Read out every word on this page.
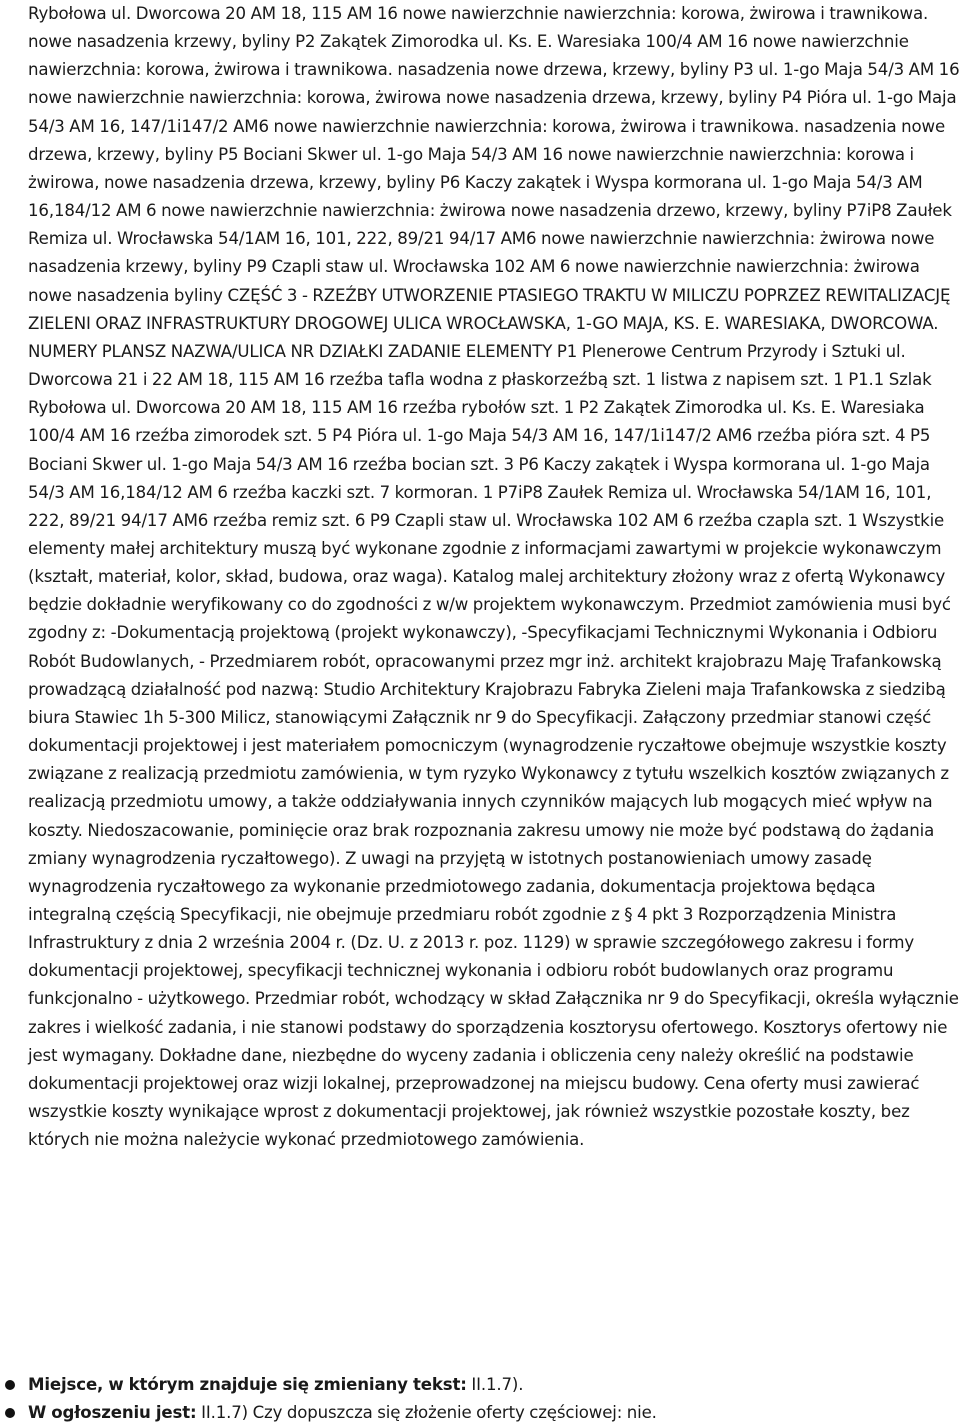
Rybołowa ul. Dworcowa 20 AM 18, 115 AM 16 nowe nawierzchnie nawierzchnia: korowa, żwirowa i trawnikowa. nowe nasadzenia krzewy, byliny P2 Zakątek Zimorodka ul. Ks. E. Waresiaka 100/4 AM 16 nowe nawierzchnie nawierzchnia: korowa, żwirowa i trawnikowa. nasadzenia nowe drzewa, krzewy, byliny P3 ul. 1-go Maja 54/3 AM 16 nowe nawierzchnie nawierzchnia: korowa, żwirowa nowe nasadzenia drzewa, krzewy, byliny P4 Pióra ul. 1-go Maja 54/3 AM 16, 147/1i147/2 AM6 nowe nawierzchnie nawierzchnia: korowa, żwirowa i trawnikowa. nasadzenia nowe drzewa, krzewy, byliny P5 Bociani Skwer ul. 1-go Maja 54/3 AM 16 nowe nawierzchnie nawierzchnia: korowa i żwirowa, nowe nasadzenia drzewa, krzewy, byliny P6 Kaczy zakątek i Wyspa kormorana ul. 1-go Maja 54/3 AM 16,184/12 AM 6 nowe nawierzchnie nawierzchnia: żwirowa nowe nasadzenia drzewo, krzewy, byliny P7iP8 Zaułek Remiza ul. Wrocławska 54/1AM 16, 101, 222, 89/21 94/17 AM6 nowe nawierzchnie nawierzchnia: żwirowa nowe nasadzenia krzewy, byliny P9 Czapli staw ul. Wrocławska 102 AM 6 nowe nawierzchnie nawierzchnia: żwirowa nowe nasadzenia byliny CZĘŚĆ 3 - RZEŹBY UTWORZENIE PTASIEGO TRAKTU W MILICZU POPRZEZ REWITALIZACJĘ ZIELENI ORAZ INFRASTRUKTURY DROGOWEJ ULICA WROCŁAWSKA, 1-GO MAJA, KS. E. WARESIAKA, DWORCOWA. NUMERY PLANSZ NAZWA/ULICA NR DZIAŁKI ZADANIE ELEMENTY P1 Plenerowe Centrum Przyrody i Sztuki ul. Dworcowa 21 i 22 AM 18, 115 AM 16 rzeźba tafla wodna z płaskorzeźbą szt. 1 listwa z napisem szt. 1 P1.1 Szlak Rybołowa ul. Dworcowa 20 AM 18, 115 AM 16 rzeźba rybołów szt. 1 P2 Zakątek Zimorodka ul. Ks. E. Waresiaka 100/4 AM 16 rzeźba zimorodek szt. 5 P4 Pióra ul. 1-go Maja 54/3 AM 16, 147/1i147/2 AM6 rzeźba pióra szt. 4 P5 Bociani Skwer ul. 1-go Maja 54/3 AM 16 rzeźba bocian szt. 3 P6 Kaczy zakątek i Wyspa kormorana ul. 1-go Maja 54/3 AM 16,184/12 AM 6 rzeźba kaczki szt. 7 kormoran. 1 P7iP8 Zaułek Remiza ul. Wrocławska 54/1AM 16, 101, 222, 89/21 94/17 AM6 rzeźba remiz szt. 6 P9 Czapli staw ul. Wrocławska 102 AM 6 rzeźba czapla szt. 1 Wszystkie elementy małej architektury muszą być wykonane zgodnie z informacjami zawartymi w projekcie wykonawczym (kształt, materiał, kolor, skład, budowa, oraz waga). Katalog malej architektury złożony wraz z ofertą Wykonawcy będzie dokładnie weryfikowany co do zgodności z w/w projektem wykonawczym. Przedmiot zamówienia musi być zgodny z: -Dokumentacją projektową (projekt wykonawczy), -Specyfikacjami Technicznymi Wykonania i Odbioru Robót Budowlanych, - Przedmiarem robót, opracowanymi przez mgr inż. architekt krajobrazu Maję Trafankowską prowadzącą działalność pod nazwą: Studio Architektury Krajobrazu Fabryka Zieleni maja Trafankowska z siedzibą biura Stawiec 1h 5-300 Milicz, stanowiącymi Załącznik nr 9 do Specyfikacji. Załączony przedmiar stanowi część dokumentacji projektowej i jest materiałem pomocniczym (wynagrodzenie ryczałtowe obejmuje wszystkie koszty związane z realizacją przedmiotu zamówienia, w tym ryzyko Wykonawcy z tytułu wszelkich kosztów związanych z realizacją przedmiotu umowy, a także oddziaływania innych czynników mających lub mogących mieć wpływ na koszty. Niedoszacowanie, pominięcie oraz brak rozpoznania zakresu umowy nie może być podstawą do żądania zmiany wynagrodzenia ryczałtowego). Z uwagi na przyjętą w istotnych postanowieniach umowy zasadę wynagrodzenia ryczałtowego za wykonanie przedmiotowego zadania, dokumentacja projektowa będąca integralną częścią Specyfikacji, nie obejmuje przedmiaru robót zgodnie z § 4 pkt 3 Rozporządzenia Ministra Infrastruktury z dnia 2 września 2004 r. (Dz. U. z 2013 r. poz. 1129) w sprawie szczegółowego zakresu i formy dokumentacji projektowej, specyfikacji technicznej wykonania i odbioru robót budowlanych oraz programu funkcjonalno - użytkowego. Przedmiar robót, wchodzący w skład Załącznika nr 9 do Specyfikacji, określa wyłącznie zakres i wielkość zadania, i nie stanowi podstawy do sporządzenia kosztorysu ofertowego. Kosztorys ofertowy nie jest wymagany. Dokładne dane, niezbędne do wyceny zadania i obliczenia ceny należy określić na podstawie dokumentacji projektowej oraz wizji lokalnej, przeprowadzonej na miejscu budowy. Cena oferty musi zawierać wszystkie koszty wynikające wprost z dokumentacji projektowej, jak również wszystkie pozostałe koszty, bez których nie można należycie wykonać przedmiotowego zamówienia.

Miejsce, w którym znajduje się zmieniany tekst: II.1.7).
W ogłoszeniu jest: II.1.7) Czy dopuszcza się złożenie oferty częściowej: nie.
